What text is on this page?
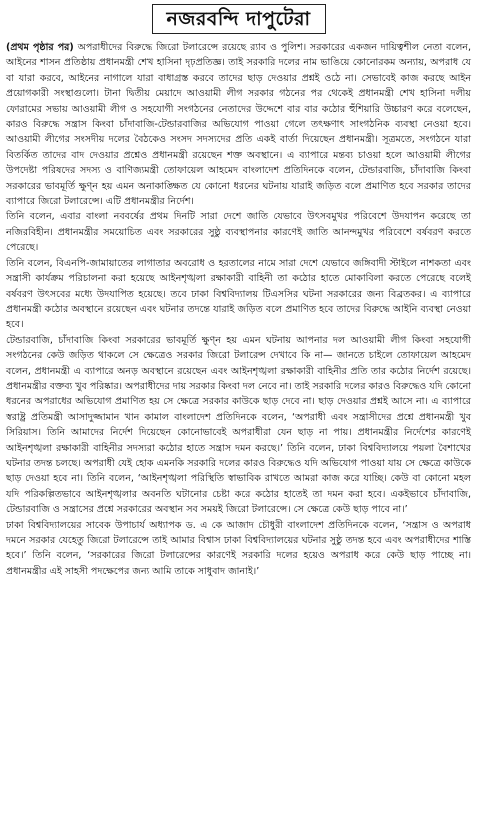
নজরবন্দি দাপুটেরা

(প্রথম পৃষ্ঠার পর) অপরাধীদের বিরুদ্ধে জিরো টলারেন্সে রয়েছে র‌্যাব ও পুলিশ। সরকারের একজন দায়িত্বশীল নেতা বলেন, আইনের শাসন প্রতিষ্ঠায় প্রধানমন্ত্রী শেখ হাসিনা দৃঢ়প্রতিজ্ঞ। তাই সরকারি দলের নাম ভাঙিয়ে কোনোরকম অন্যায়, অপরাধ যে বা যারা করবে, আইনের নাগালে যারা বাধাগ্রস্ত করবে তাদের ছাড় দেওয়ার প্রশ্নই ওঠে না। সেভাবেই কাজ করছে আইন প্রয়োগকারী সংস্থাগুলো। টানা দ্বিতীয় মেয়াদে আওয়ামী লীগ সরকার গঠনের পর থেকেই প্রধানমন্ত্রী শেখ হাসিনা দলীয় ফোরামের সভায় আওয়ামী লীগ ও সহযোগী সংগঠনের নেতাদের উদ্দেশে বার বার কঠোর হুঁশিয়ারি উচ্চারণ করে বলেছেন, কারও বিরুদ্ধে সন্ত্রাস কিংবা চাঁদাবাজি-টেন্ডারবাজির অভিযোগ পাওয়া গেলে তৎক্ষণাৎ সাংগঠনিক ব্যবস্থা নেওয়া হবে। আওয়ামী লীগের সংসদীয় দলের বৈঠকেও সংসদ সদস্যদের প্রতি একই বার্তা দিয়েছেন প্রধানমন্ত্রী। সূত্রমতে, সংগঠনে যারা বিতর্কিত তাদের বাদ দেওয়ার প্রশ্নেও প্রধানমন্ত্রী রয়েছেন শক্ত অবস্থানে। এ ব্যাপারে মন্তব্য চাওয়া হলে আওয়ামী লীগের উপদেষ্টা পরিষদের সদস্য ও বাণিজ্যমন্ত্রী তোফায়েল আহমেদ বাংলাদেশ প্রতিদিনকে বলেন, টেন্ডারবাজি, চাঁদাবাজি কিংবা সরকারের ভাবমূর্তি ক্ষুণ্ন হয় এমন অনাকাঙ্ক্ষিত যে কোনো ধরনের ঘটনায় যারাই জড়িত বলে প্রমাণিত হবে সরকার তাদের ব্যাপারে জিরো টলারেন্সে। এটি প্রধানমন্ত্রীর নির্দেশ।

তিনি বলেন, এবার বাংলা নববর্ষের প্রথম দিনটি সারা দেশে জাতি যেভাবে উৎসবমুখর পরিবেশে উদযাপন করেছে তা নজিরবিহীন। প্রধানমন্ত্রীর সময়োচিত এবং সরকারের সুষ্ঠু ব্যবস্থাপনার কারণেই জাতি আনন্দমুখর পরিবেশে বর্ষবরণ করতে পেরেছে।

তিনি বলেন, বিএনপি-জামায়াতের লাগাতার অবরোধ ও হরতালের নামে সারা দেশে যেভাবে জঙ্গিবাদী স্টাইলে নাশকতা এবং সন্ত্রাসী কার্যক্রম পরিচালনা করা হয়েছে আইনশৃঙ্খলা রক্ষাকারী বাহিনী তা কঠোর হাতে মোকাবিলা করতে পেরেছে বলেই বর্ষবরণ উৎসবের মধ্যে উদযাপিত হয়েছে। তবে ঢাকা বিশ্ববিদ্যালয় টিএসসির ঘটনা সরকারের জন্য বিব্রতকর। এ ব্যাপারে প্রধানমন্ত্রী কঠোর অবস্থানে রয়েছেন এবং ঘটনার তদন্তে যারাই জড়িত বলে প্রমাণিত হবে তাদের বিরুদ্ধে আইনি ব্যবস্থা নেওয়া হবে।

টেন্ডারবাজি, চাঁদাবাজি কিংবা সরকারের ভাবমূর্তি ক্ষুণ্ন হয় এমন ঘটনায় আপনার দল আওয়ামী লীগ কিংবা সহযোগী সংগঠনের কেউ জড়িত থাকলে সে ক্ষেত্রেও সরকার জিরো টলারেন্স দেখাবে কি না— জানতে চাইলে তোফায়েল আহমেদ বলেন, প্রধানমন্ত্রী এ ব্যাপারে অনড় অবস্থানে রয়েছেন এবং আইনশৃঙ্খলা রক্ষাকারী বাহিনীর প্রতি তার কঠোর নির্দেশ রয়েছে। প্রধানমন্ত্রীর বক্তব্য খুব পরিষ্কার। অপরাধীদের দায় সরকার কিংবা দল নেবে না। তাই সরকারি দলের কারও বিরুদ্ধেও যদি কোনো ধরনের অপরাধের অভিযোগ প্রমাণিত হয় সে ক্ষেত্রে সরকার কাউকে ছাড় দেবে না। ছাড় দেওয়ার প্রশ্নই আসে না। এ ব্যাপারে স্বরাষ্ট্র প্রতিমন্ত্রী আসাদুজ্জামান খান কামাল বাংলাদেশ প্রতিদিনকে বলেন, ‘অপরাধী এবং সন্ত্রাসীদের প্রশ্নে প্রধানমন্ত্রী খুব সিরিয়াস। তিনি আমাদের নির্দেশ দিয়েছেন কোনোভাবেই অপরাধীরা যেন ছাড় না পায়। প্রধানমন্ত্রীর নির্দেশের কারণেই আইনশৃঙ্খলা রক্ষাকারী বাহিনীর সদস্যরা কঠোর হাতে সন্ত্রাস দমন করছে।’ তিনি বলেন, ঢাকা বিশ্ববিদ্যালয়ে পয়লা বৈশাখের ঘটনার তদন্ত চলছে। অপরাধী যেই হোক এমনকি সরকারি দলের কারও বিরুদ্ধেও যদি অভিযোগ পাওয়া যায় সে ক্ষেত্রে কাউকে ছাড় দেওয়া হবে না। তিনি বলেন, ‘আইনশৃঙ্খলা পরিস্থিতি স্বাভাবিক রাখতে আমরা কাজ করে যাচ্ছি। কেউ বা কোনো মহল যদি পরিকল্পিতভাবে আইনশৃঙ্খলার অবনতি ঘটানোর চেষ্টা করে কঠোর হাতেই তা দমন করা হবে। একইভাবে চাঁদাবাজি, টেন্ডারবাজি ও সন্ত্রাসের প্রশ্নে সরকারের অবস্থান সব সময়ই জিরো টলারেন্সে। সে ক্ষেত্রে কেউ ছাড় পাবে না।’

ঢাকা বিশ্ববিদ্যালয়ের সাবেক উপাচার্য অধ্যাপক ড. এ কে আজাদ চৌধুরী বাংলাদেশ প্রতিদিনকে বলেন, ‘সন্ত্রাস ও অপরাধ দমনে সরকার যেহেতু জিরো টলারেন্সে তাই আমার বিশ্বাস ঢাকা বিশ্ববিদ্যালয়ের ঘটনার সুষ্ঠু তদন্ত হবে এবং অপরাধীদের শাস্তি হবে।’ তিনি বলেন, ‘সরকারের জিরো টলারেন্সের কারণেই সরকারি দলের হয়েও অপরাধ করে কেউ ছাড় পাচ্ছে না। প্রধানমন্ত্রীর এই সাহসী পদক্ষেপের জন্য আমি তাকে সাধুবাদ জানাই।’
